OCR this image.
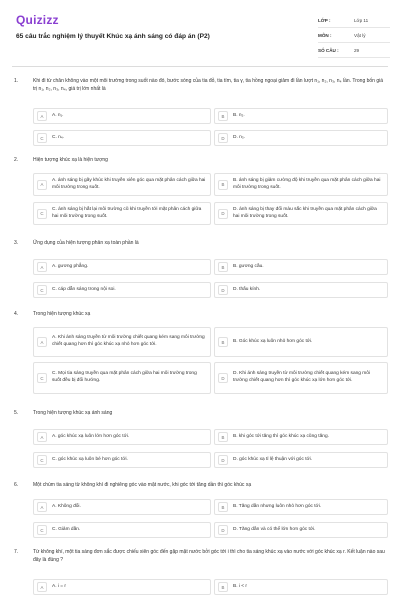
Quizizz
65 câu trắc nghiệm lý thuyết Khúc xạ ánh sáng có đáp án (P2)
LỚP :	Lớp 11
MÔN :	Vật lý
SỐ CÂU :	29
1.	Khi đi từ chân không vào một môi trường trong suốt nào đó, bước sóng của tia đỏ, tia tím, tia γ, tia hồng ngoại giảm đi lần lượt n₁, n₂, n₃, n₄ lần. Trong bốn giá trị n₁, n₂, n₃, n₄, giá trị lớn nhất là
A	A. n₁.	B	B. n₂.
C	C. n₄.	D	D. n₃.
2.	Hiện tượng khúc xạ là hiện tượng
A
A. ánh sáng bị gãy khúc khi truyền xiên góc qua mặt phân cách giữa hai môi trường trong suốt.	B
B. ánh sáng bị giảm cường độ khi truyền qua mặt phân cách giữa hai môi trường trong suốt.
C
C. ánh sáng bị hắt lại môi trường cũ khi truyền tới mặt phân cách giữa hai môi trường trong suốt.	D
D. ánh sáng bị thay đổi màu sắc khi truyền qua mặt phân cách giữa hai môi trường trong suốt.
3.	Ứng dụng của hiện tượng phản xạ toàn phần là
A	A. gương phẳng.	B	B. gương cầu.
C	C. cáp dẫn sáng trong nội soi.	D	D. thấu kính.
4.	Trong hiện tượng khúc xạ
A
A. Khi ánh sáng truyền từ môi trường chiết quang kém sang môi trường chiết quang hơn thì góc khúc xạ nhỏ hơn góc tới.	B	B. Góc khúc xạ luôn nhỏ hơn góc tới.
C
C. Mọi tia sáng truyền qua mặt phân cách giữa hai môi trường trong suốt đều bị đổi hướng.	D
D. Khi ánh sáng truyền từ môi trường chiết quang kém sang môi trường chiết quang hơn thì góc khúc xạ lớn hơn góc tới.
5.	Trong hiện tượng khúc xạ ánh sáng
A	A. góc khúc xạ luôn lớn hơn góc tới.	B	B. khi góc tới tăng thì góc khúc xạ cũng tăng.
C	C. góc khúc xạ luôn bé hơn góc tới.	D	D. góc khúc xạ tỉ lệ thuận với góc tới.
6.	Một chùm tia sáng từ không khí đi nghiêng góc vào mặt nước, khi góc tới tăng dần thì góc khúc xạ
A	A. Không đổi.	B	B. Tăng dần nhưng luôn nhỏ hơn góc tới.
C	C. Giảm dần.	D	D. Tăng dần và có thể lớn hơn góc tới.
7.	Từ không khí, một tia sáng đơn sắc được chiếu xiên góc đến gặp mặt nước bởi góc tới i thì cho tia sáng khúc xạ vào nước với góc khúc xạ r. Kết luận nào sau đây là đúng ?
A	A. i = r	B	B. i < r
